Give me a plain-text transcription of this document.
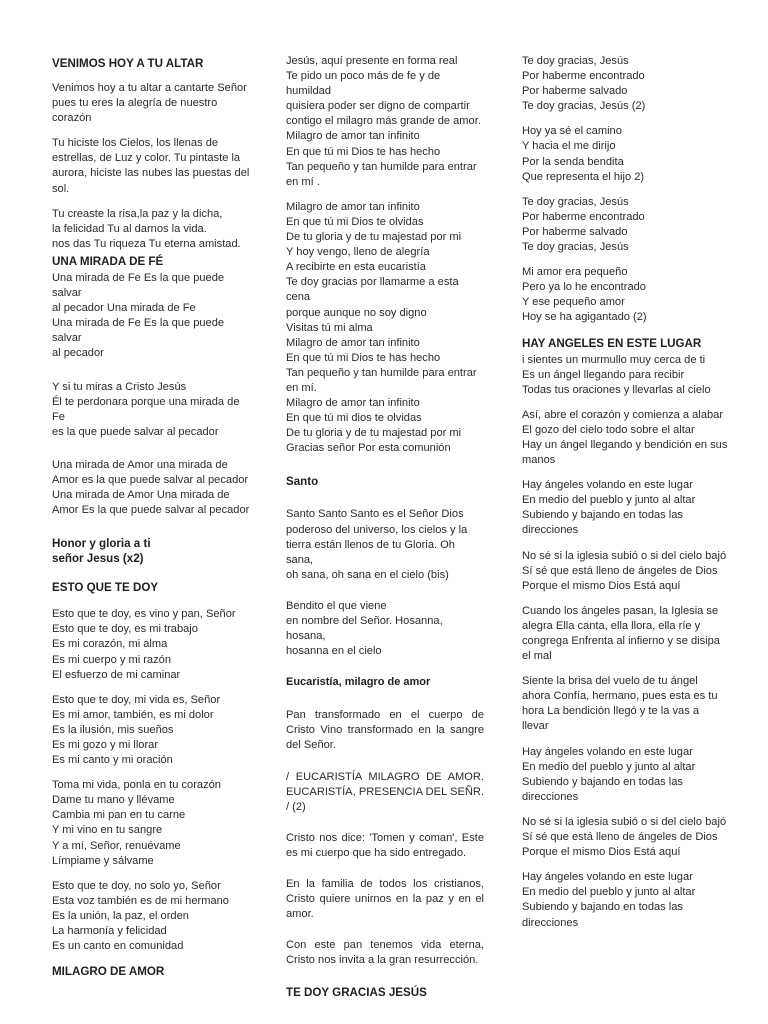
VENIMOS HOY A TU ALTAR
Venimos hoy a tu altar a cantarte Señor
pues tu eres la alegría de nuestro
corazón
Tu hiciste los Cielos, los llenas de
estrellas, de Luz y color. Tu pintaste la
aurora, hiciste las nubes las puestas del
sol.
Tu creaste la risa,la paz y la dicha,
la felicidad Tu al darnos la vida.
nos das Tu riqueza Tu eterna amistad.
UNA MIRADA DE FÉ
Una mirada de Fe Es la que puede salvar
al pecador Una mirada de Fe
Una mirada de Fe Es la que puede salvar
al pecador
Y si tu miras a Cristo Jesús
Él te perdonara porque una mirada de Fe
es la que puede salvar al pecador
Una mirada de Amor una mirada de
Amor es la que puede salvar al pecador
Una mirada de Amor Una mirada de
Amor Es la que puede salvar al pecador
Honor y gloria a ti
señor Jesus (x2)
ESTO QUE TE DOY
Esto que te doy, es vino y pan, Señor
Esto que te doy, es mi trabajo
Es mi corazón, mi alma
Es mi cuerpo y mi razón
El esfuerzo de mi caminar
Esto que te doy, mi vida es, Señor
Es mi amor, también, es mi dolor
Es la ilusión, mis sueños
Es mi gozo y mi llorar
Es mi canto y mi oración
Toma mi vida, ponla en tu corazón
Dame tu mano y llévame
Cambia mi pan en tu carne
Y mi vino en tu sangre
Y a mí, Señor, renuévame
Límpiame y sálvame
Esto que te doy, no solo yo, Señor
Esta voz también es de mi hermano
Es la unión, la paz, el orden
La harmonía y felicidad
Es un canto en comunidad
MILAGRO DE AMOR
Jesús, aquí presente en forma real
Te pido un poco más de fe y de humildad
quisiera poder ser digno de compartir
contigo el milagro más grande de amor.
Milagro de amor tan infinito
En que tú mi Dios te has hecho
Tan pequeño y tan humilde para entrar
en mí .
Milagro de amor tan infinito
En que tú mi Dios te olvidas
De tu gloria y de tu majestad por mi
Y hoy vengo, lleno de alegría
A recibirte en esta eucaristía
Te doy gracias por llamarme a esta cena
porque aunque no soy digno
Visitas tú mi alma
Milagro de amor tan infinito
En que tú mi Dios te has hecho
Tan pequeño y tan humilde para entrar
en mí.
Milagro de amor tan infinito
En que tú mi dios te olvidas
De tu gloria y de tu majestad por mi
Gracias señor Por esta comunión
Santo
Santo Santo Santo es el Señor Dios
poderoso del universo, los cielos y la
tierra están llenos de tu Gloria. Oh sana,
oh sana, oh sana en el cielo (bis)
Bendito el que viene
en nombre del Señor. Hosanna, hosana,
hosanna en el cielo
Eucaristía, milagro de amor
Pan transformado en el cuerpo de Cristo Vino transformado en la sangre del Señor.
/ EUCARISTÍA MILAGRO DE AMOR. EUCARISTÍA, PRESENCIA DEL SEÑR. / (2)
Cristo nos dice: 'Tomen y coman', Este es mi cuerpo que ha sido entregado.
En la familia de todos los cristianos, Cristo quiere unirnos en la paz y en el amor.
Con este pan tenemos vida eterna, Cristo nos invita a la gran resurrección.
TE DOY GRACIAS JESÚS
Te doy gracias, Jesús
Por haberme encontrado
Por haberme salvado
Te doy gracias, Jesús (2)
Hoy ya sé el camino
Y hacia el me dirijo
Por la senda bendita
Que representa el hijo 2)
Te doy gracias, Jesús
Por haberme encontrado
Por haberme salvado
Te doy gracias, Jesús
Mi amor era pequeño
Pero ya lo he encontrado
Y ese pequeño amor
Hoy se ha agigantado (2)
HAY ANGELES EN ESTE LUGAR
i sientes un murmullo muy cerca de ti
Es un ángel llegando para recibir
Todas tus oraciones y llevarlas al cielo
Así, abre el corazón y comienza a alabar
El gozo del cielo todo sobre el altar
Hay un ángel llegando y bendición en sus
manos
Hay ángeles volando en este lugar
En medio del pueblo y junto al altar
Subiendo y bajando en todas las
direcciones
No sé si la iglesia subió o si del cielo bajó
Sí sé que está lleno de ángeles de Dios
Porque el mismo Dios Está aquí
Cuando los ángeles pasan, la Iglesia se
alegra Ella canta, ella llora, ella ríe y
congrega Enfrenta al infierno y se disipa
el mal
Siente la brisa del vuelo de tu ángel
ahora Confía, hermano, pues esta es tu
hora La bendición llegó y te la vas a
llevar
Hay ángeles volando en este lugar
En medio del pueblo y junto al altar
Subiendo y bajando en todas las
direcciones
No sé si la iglesia subió o si del cielo bajó
Sí sé que está lleno de ángeles de Dios
Porque el mismo Dios Está aquí
Hay ángeles volando en este lugar
En medio del pueblo y junto al altar
Subiendo y bajando en todas las
direcciones
